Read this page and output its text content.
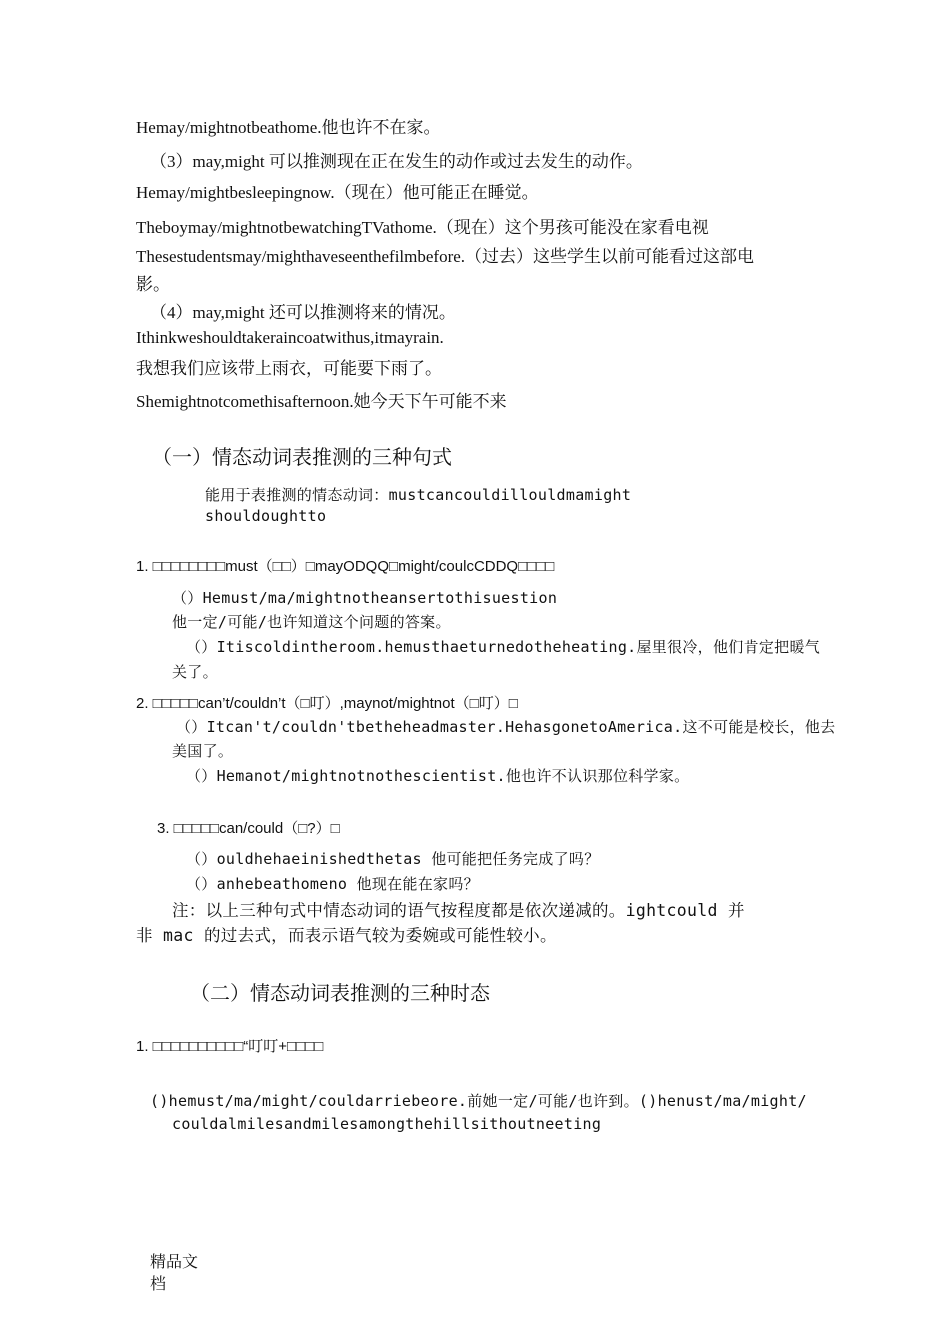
Hemay/mightnotbeathome.他也许不在家。
（3）may,might 可以推测现在正在发生的动作或过去发生的动作。
Hemay/mightbesleepingnow.（现在）他可能正在睡觉。
Theboymay/mightnotbewatchingTVathome.（现在）这个男孩可能没在家看电视
Thesestudentsmay/mighthaveseenthefilmbefore.（过去）这些学生以前可能看过这部电
影。
（4）may,might 还可以推测将来的情况。
Ithinkweshouldtakeraincoatwithus,itmayrain.
我想我们应该带上雨衣，可能要下雨了。
Shemightnotcomethisafternoon.她今天下午可能不来
（一）情态动词表推测的三种句式
能用于表推测的情态动词：mustcancouldillouldmamight
shouldoughtto
1. □□□□□□□□must（□□）□mayODQQ□might/coulcCDDQ□□□□
（）Hemust/ma/mightnotheansertothisuestion
他一定/可能/也许知道这个问题的答案。
（）Itiscoldintheroom.hemusthaeturnedotheheating.屋里很冷，他们肯定把暖气
关了。
2. □□□□□can’t/couldn’t（□叮）,maynot/mightnot（□叮）□
（）Itcan't/couldn'tbetheheadmaster.HehasgonetoAmerica.这不可能是校长，他去
美国了。
（）Hemanot/mightnotnothescientist.他也许不认识那位科学家。
3. □□□□□can/could（□?）□
（）ouldhehaeinishedthetas 他可能把任务完成了吗？
（）anhebeathomeno 他现在能在家吗？
注：以上三种句式中情态动词的语气按程度都是依次递减的。ightcould 并
非 mac 的过去式，而表示语气较为委婉或可能性较小。
（二）情态动词表推测的三种时态
1. □□□□□□□□□□“叮叮+□□□□
()hemust/ma/might/couldarriebeore.前她一定/可能/也许到。()henust/ma/might/
couldalmilesandmilesamongthehillsithoutneeting
精品文
档
